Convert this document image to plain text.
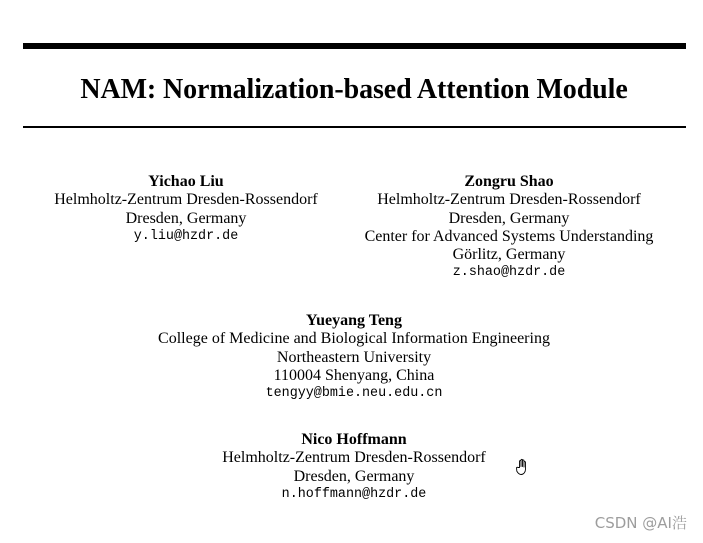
NAM: Normalization-based Attention Module
Yichao Liu
Helmholtz-Zentrum Dresden-Rossendorf
Dresden, Germany
y.liu@hzdr.de
Zongru Shao
Helmholtz-Zentrum Dresden-Rossendorf
Dresden, Germany
Center for Advanced Systems Understanding
Görlitz, Germany
z.shao@hzdr.de
Yueyang Teng
College of Medicine and Biological Information Engineering
Northeastern University
110004 Shenyang, China
tengyy@bmie.neu.edu.cn
Nico Hoffmann
Helmholtz-Zentrum Dresden-Rossendorf
Dresden, Germany
n.hoffmann@hzdr.de
CSDN @AI浩
